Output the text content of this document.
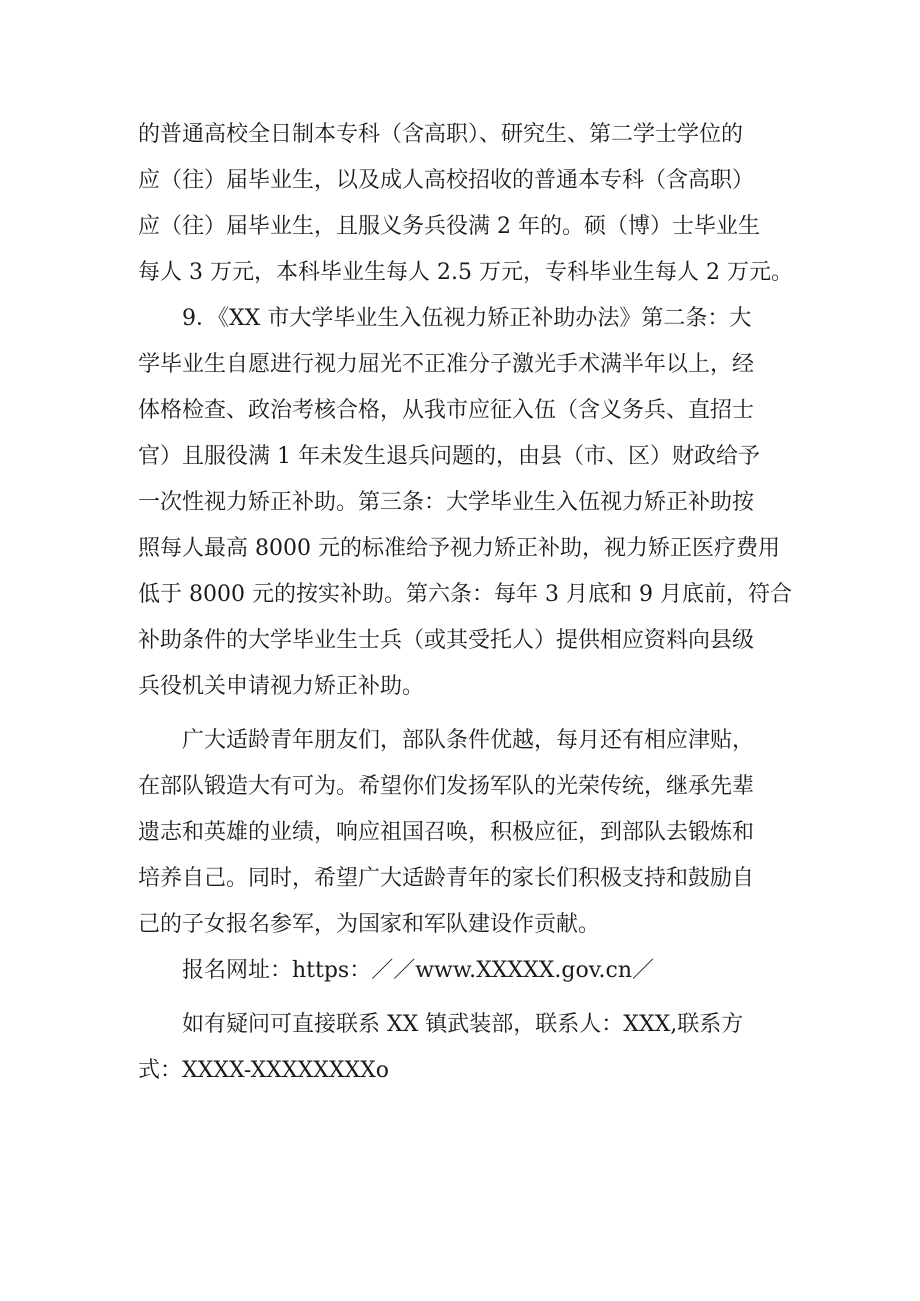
的普通高校全日制本专科（含高职）、研究生、第二学士学位的
应（往）届毕业生，以及成人高校招收的普通本专科（含高职）
应（往）届毕业生，且服义务兵役满 2 年的。硕（博）士毕业生
每人 3 万元，本科毕业生每人 2.5 万元，专科毕业生每人 2 万元。
9．《XX 市大学毕业生入伍视力矫正补助办法》第二条：大
学毕业生自愿进行视力屈光不正准分子激光手术满半年以上，经
体格检查、政治考核合格，从我市应征入伍（含义务兵、直招士
官）且服役满 1 年未发生退兵问题的，由县（市、区）财政给予
一次性视力矫正补助。第三条：大学毕业生入伍视力矫正补助按
照每人最高 8000 元的标准给予视力矫正补助，视力矫正医疗费用
低于 8000 元的按实补助。第六条：每年 3 月底和 9 月底前，符合
补助条件的大学毕业生士兵（或其受托人）提供相应资料向县级
兵役机关申请视力矫正补助。
广大适龄青年朋友们，部队条件优越，每月还有相应津贴，
在部队锻造大有可为。希望你们发扬军队的光荣传统，继承先辈
遗志和英雄的业绩，响应祖国召唤，积极应征，到部队去锻炼和
培养自己。同时，希望广大适龄青年的家长们积极支持和鼓励自
己的子女报名参军，为国家和军队建设作贡献。
报名网址：https：／／www.XXXXX.gov.cn／
如有疑问可直接联系 XX 镇武装部，联系人：XXX,联系方
式：XXXX-XXXXXXXXo
